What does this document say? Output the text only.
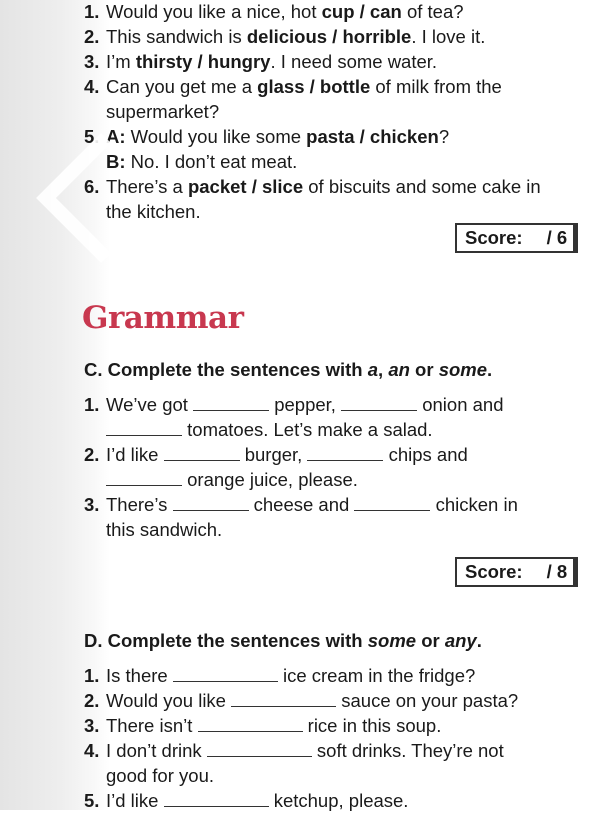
1. Would you like a nice, hot cup / can of tea?
2. This sandwich is delicious / horrible. I love it.
3. I’m thirsty / hungry. I need some water.
4. Can you get me a glass / bottle of milk from the
supermarket?
5. A: Would you like some pasta / chicken?
B: No. I don’t eat meat.
6. There’s a packet / slice of biscuits and some cake in
the kitchen.
Score: / 6
Grammar
C. Complete the sentences with a, an or some.
1. We’ve got	pepper,	onion and
tomatoes. Let’s make a salad.
2. I’d like	burger,	chips and
orange juice, please.
3. There’s	cheese and	chicken in
this sandwich.
Score: / 8
D. Complete the sentences with some or any.
1. Is there	ice cream in the fridge?
2. Would you like	sauce on your pasta?
3. There isn’t	rice in this soup.
4. I don’t drink	soft drinks. They’re not
good for you.
5. I’d like	ketchup, please.
